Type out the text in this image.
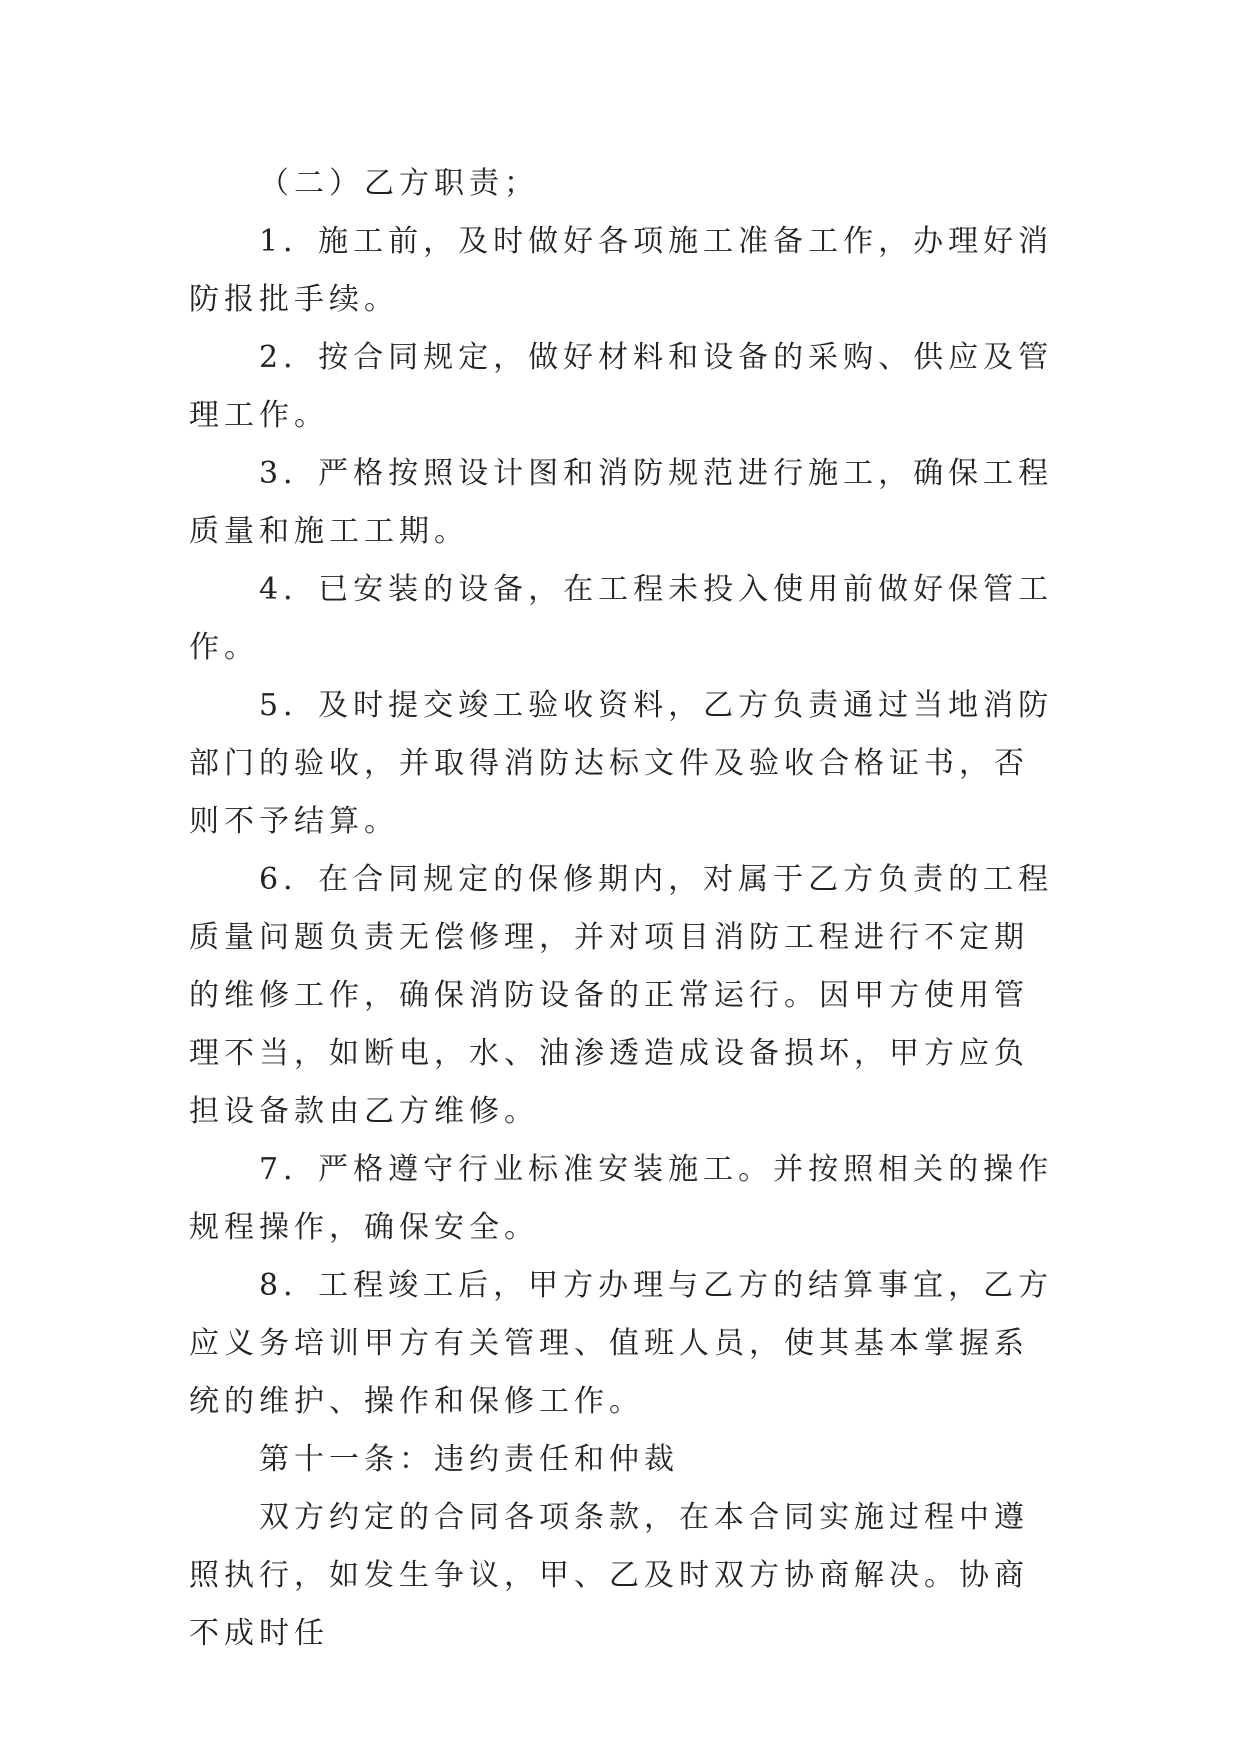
（二）乙方职责；

1．施工前，及时做好各项施工准备工作，办理好消防报批手续。

2．按合同规定，做好材料和设备的采购、供应及管理工作。

3．严格按照设计图和消防规范进行施工，确保工程质量和施工工期。

4．已安装的设备，在工程未投入使用前做好保管工作。

5．及时提交竣工验收资料，乙方负责通过当地消防部门的验收，并取得消防达标文件及验收合格证书，否则不予结算。

6．在合同规定的保修期内，对属于乙方负责的工程质量问题负责无偿修理，并对项目消防工程进行不定期的维修工作，确保消防设备的正常运行。因甲方使用管理不当，如断电，水、油渗透造成设备损坏，甲方应负担设备款由乙方维修。

7．严格遵守行业标准安装施工。并按照相关的操作规程操作，确保安全。

8．工程竣工后，甲方办理与乙方的结算事宜，乙方应义务培训甲方有关管理、值班人员，使其基本掌握系统的维护、操作和保修工作。

第十一条：违约责任和仲裁

双方约定的合同各项条款，在本合同实施过程中遵照执行，如发生争议，甲、乙及时双方协商解决。协商不成时任
